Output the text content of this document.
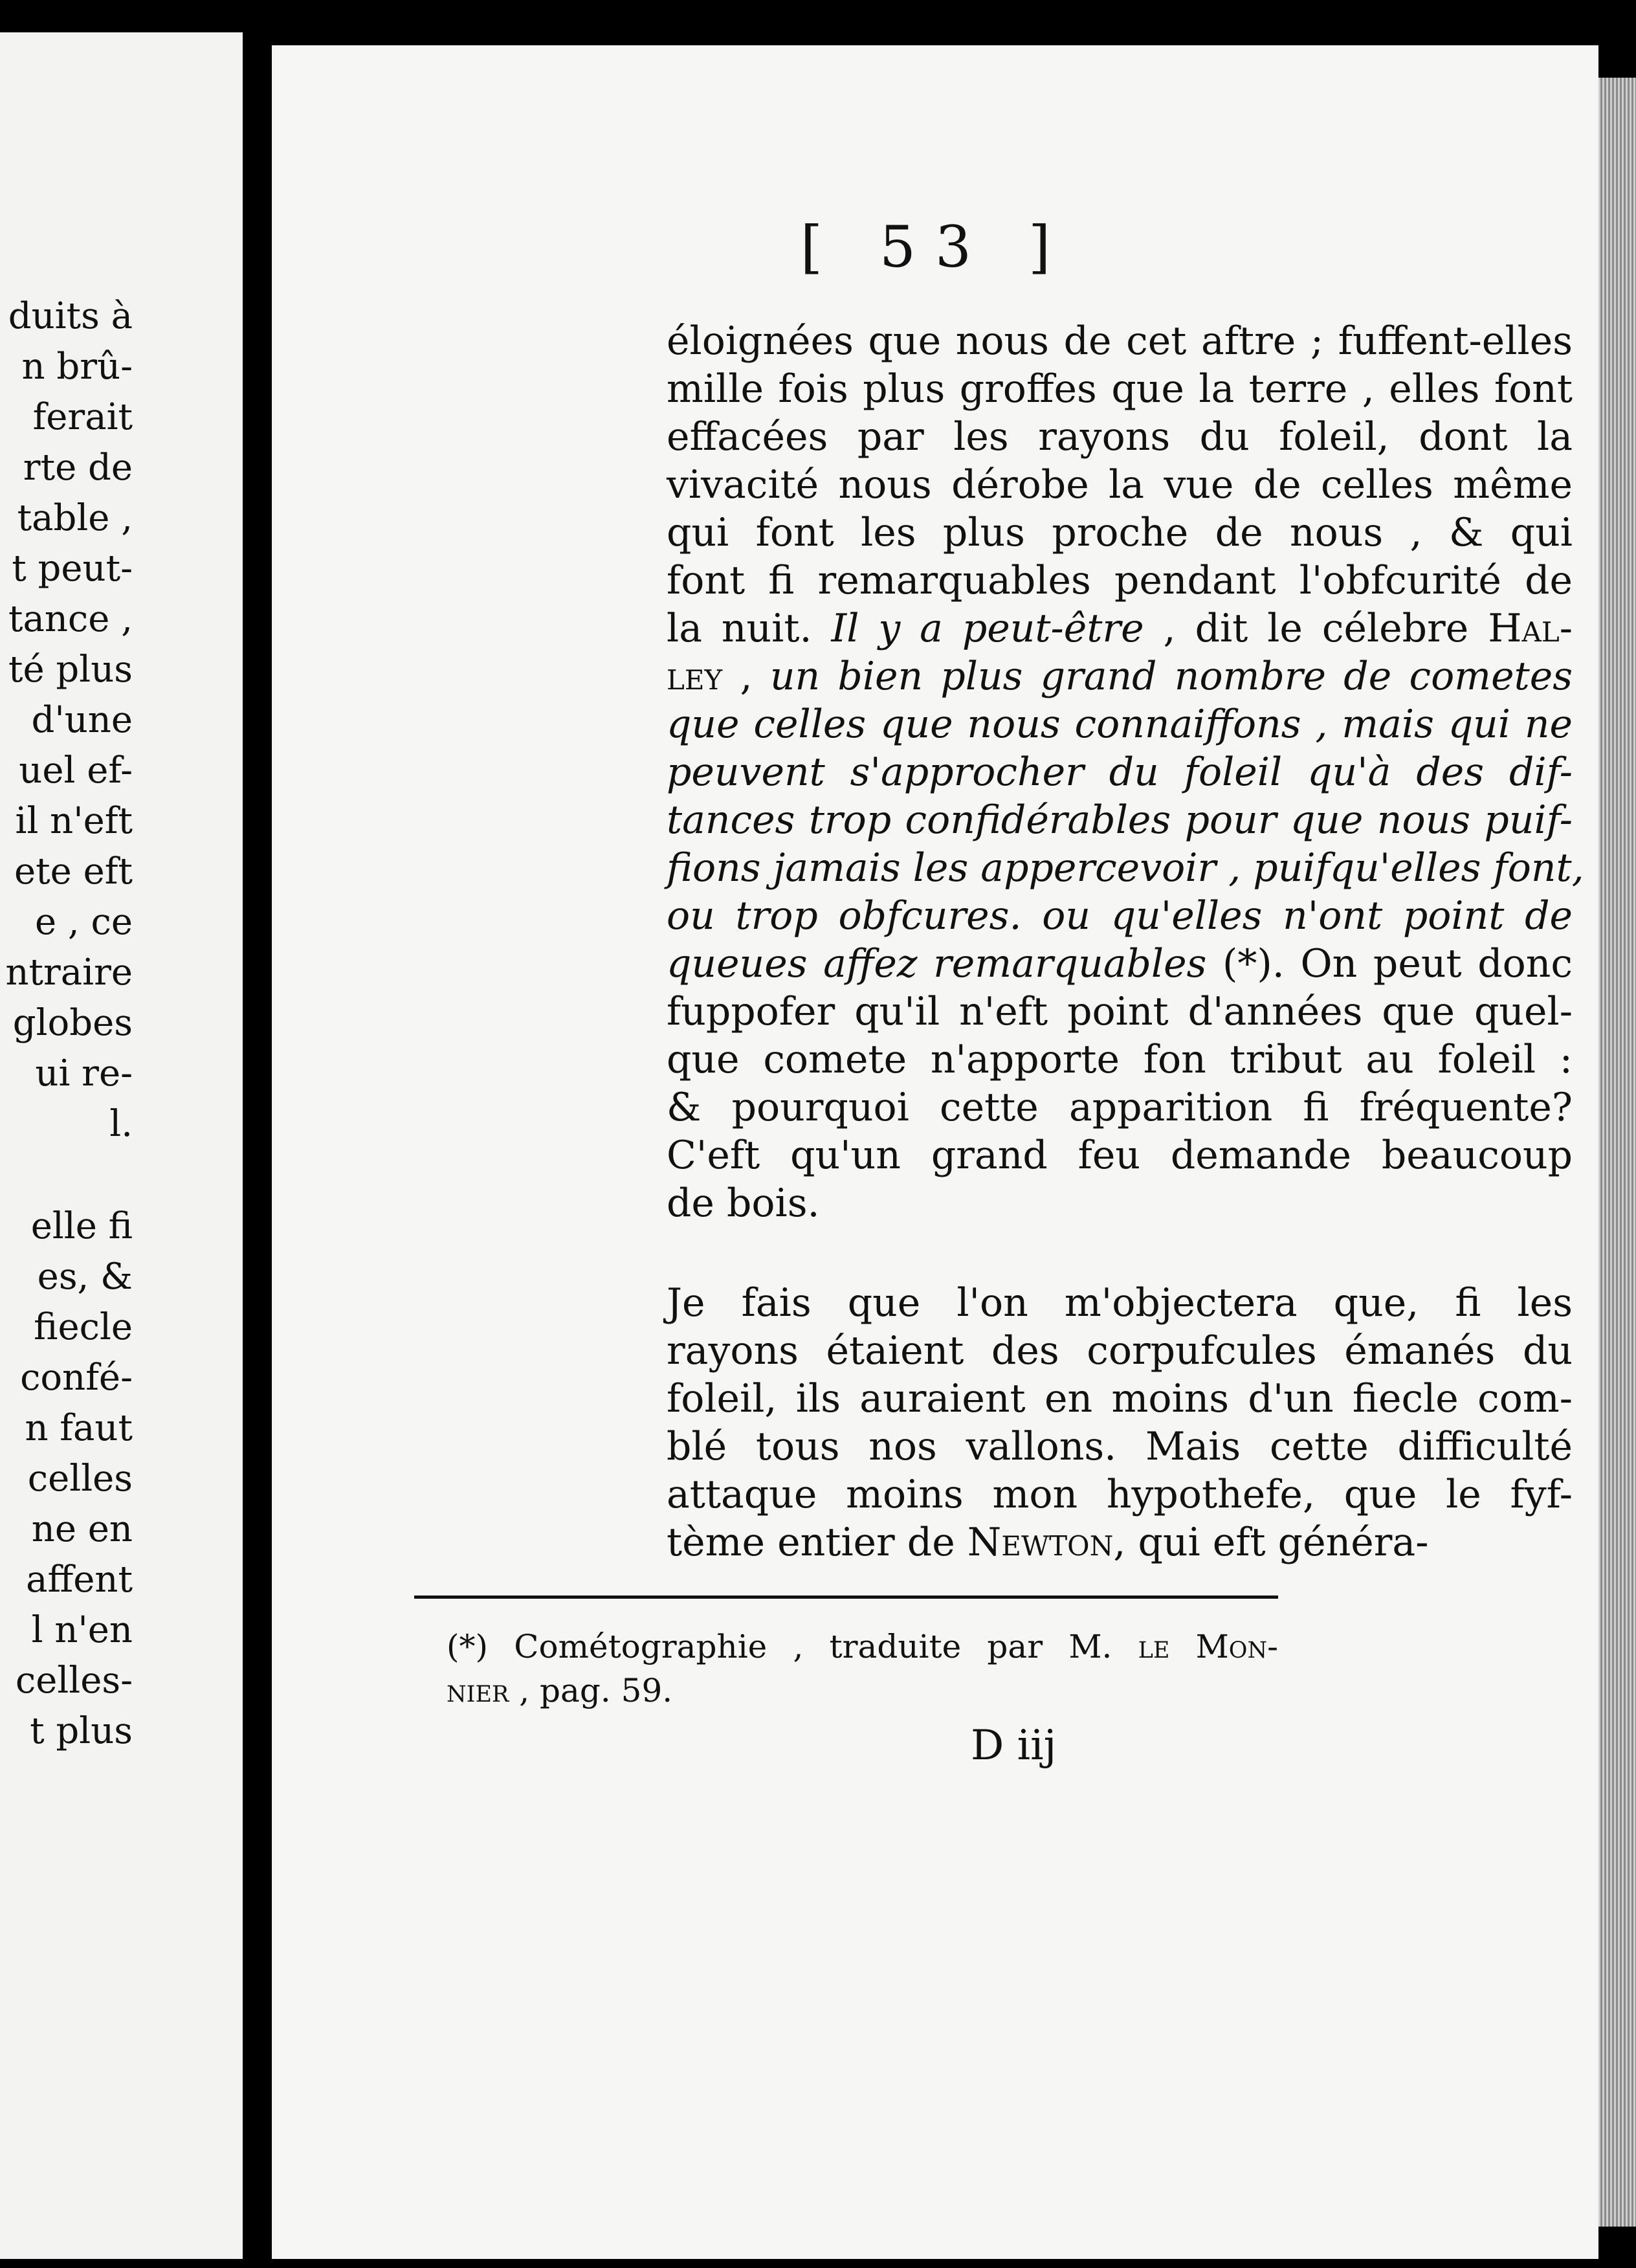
duits à
n brû-
ferait
rte de
table ,
t peut-
tance ,
té plus
d'une
uel ef-
il n'eft
ete eft
e , ce
ntraire
globes
ui re-
l.
elle fi
es, &
fiecle
confé-
n faut
celles
ne en
affent
l n'en
celles-
t plus
[ 53 ]
éloignées que nous de cet aftre ; fuffent-elles
mille fois plus groffes que la terre , elles font
effacées par les rayons du foleil, dont la
vivacité nous dérobe la vue de celles même
qui font les plus proche de nous , & qui
font fi remarquables pendant l'obfcurité de
la nuit. Il y a peut-être , dit le célebre Hal-
ley , un bien plus grand nombre de cometes
que celles que nous connaiffons , mais qui ne
peuvent s'approcher du foleil qu'à des dif-
tances trop confidérables pour que nous puif-
fions jamais les appercevoir , puifqu'elles font,
ou trop obfcures. ou qu'elles n'ont point de
queues affez remarquables (*). On peut donc
fuppofer qu'il n'eft point d'années que quel-
que comete n'apporte fon tribut au foleil :
& pourquoi cette apparition fi fréquente?
C'eft qu'un grand feu demande beaucoup
de bois.
Je fais que l'on m'objectera que, fi les
rayons étaient des corpufcules émanés du
foleil, ils auraient en moins d'un fiecle com-
blé tous nos vallons. Mais cette difficulté
attaque moins mon hypothefe, que le fyf-
tème entier de Newton, qui eft généra-
(*) Cométographie , traduite par M. le Mon-
nier , pag. 59.
D iij
